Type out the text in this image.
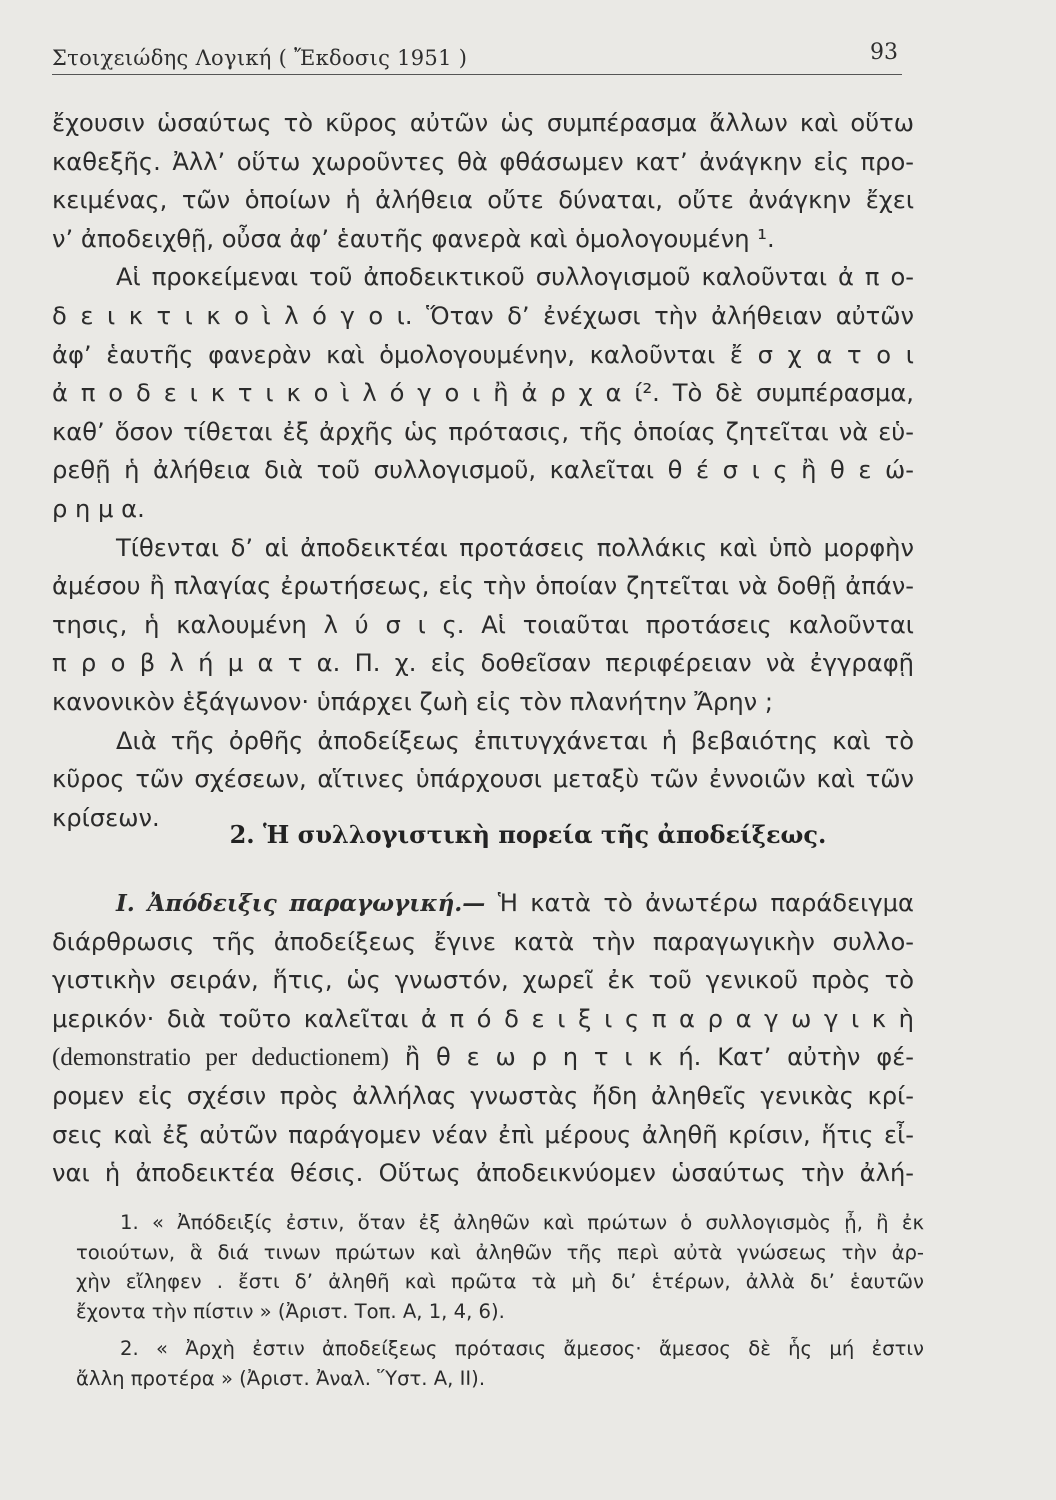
Στοιχειώδης Λογική ( Ἔκδοσις 1951 )	93
ἔχουσιν ὡσαύτως τὸ κῦρος αὐτῶν ὡς συμπέρασμα ἄλλων καὶ οὕτω
καθεξῆς. Ἀλλ’ οὕτω χωροῦντες θὰ φθάσωμεν κατ’ ἀνάγκην εἰς προ-
κειμένας, τῶν ὁποίων ἡ ἀλήθεια οὔτε δύναται, οὔτε ἀνάγκην ἔχει
ν’ ἀποδειχθῇ, οὖσα ἀφ’ ἑαυτῆς φανερὰ καὶ ὁμολογουμένη ¹.
Αἱ προκείμεναι τοῦ ἀποδεικτικοῦ συλλογισμοῦ καλοῦνται ἀ π ο-
δ ε ι κ τ ι κ ο ὶ λ ό γ ο ι. Ὅταν δ’ ἐνέχωσι τὴν ἀλήθειαν αὐτῶν
ἀφ’ ἑαυτῆς φανερὰν καὶ ὁμολογουμένην, καλοῦνται ἔ σ χ α τ ο ι
ἀ π ο δ ε ι κ τ ι κ ο ὶ λ ό γ ο ι ἢ ἀ ρ χ α ί². Τὸ δὲ συμπέρασμα,
καθ’ ὅσον τίθεται ἐξ ἀρχῆς ὡς πρότασις, τῆς ὁποίας ζητεῖται νὰ εὑ-
ρεθῇ ἡ ἀλήθεια διὰ τοῦ συλλογισμοῦ, καλεῖται θ έ σ ι ς ἢ θ ε ώ-
ρ η μ α.
Τίθενται δ’ αἱ ἀποδεικτέαι προτάσεις πολλάκις καὶ ὑπὸ μορφὴν
ἀμέσου ἢ πλαγίας ἐρωτήσεως, εἰς τὴν ὁποίαν ζητεῖται νὰ δοθῇ ἀπάν-
τησις, ἡ καλουμένη λ ύ σ ι ς. Αἱ τοιαῦται προτάσεις καλοῦνται
π ρ ο β λ ή μ α τ α. Π. χ. εἰς δοθεῖσαν περιφέρειαν νὰ ἐγγραφῇ
κανονικὸν ἑξάγωνον· ὑπάρχει ζωὴ εἰς τὸν πλανήτην Ἄρην ;
Διὰ τῆς ὀρθῆς ἀποδείξεως ἐπιτυγχάνεται ἡ βεβαιότης καὶ τὸ
κῦρος τῶν σχέσεων, αἵτινες ὑπάρχουσι μεταξὺ τῶν ἐννοιῶν καὶ τῶν
κρίσεων.
2. Ἡ συλλογιστικὴ πορεία τῆς ἀποδείξεως.
I. Ἀπόδειξις παραγωγική.— Ἡ κατὰ τὸ ἀνωτέρω παράδειγμα
διάρθρωσις τῆς ἀποδείξεως ἔγινε κατὰ τὴν παραγωγικὴν συλλο-
γιστικὴν σειράν, ἥτις, ὡς γνωστόν, χωρεῖ ἐκ τοῦ γενικοῦ πρὸς τὸ
μερικόν· διὰ τοῦτο καλεῖται ἀ π ό δ ε ι ξ ι ς π α ρ α γ ω γ ι κ ὴ
(demonstratio per deductionem) ἢ θ ε ω ρ η τ ι κ ή. Κατ’ αὐτὴν φέ-
ρομεν εἰς σχέσιν πρὸς ἀλλήλας γνωστὰς ἤδη ἀληθεῖς γενικὰς κρί-
σεις καὶ ἐξ αὐτῶν παράγομεν νέαν ἐπὶ μέρους ἀληθῆ κρίσιν, ἥτις εἶ-
ναι ἡ ἀποδεικτέα θέσις. Οὕτως ἀποδεικνύομεν ὡσαύτως τὴν ἀλή-
1. « Ἀπόδειξίς ἐστιν, ὅταν ἐξ ἀληθῶν καὶ πρώτων ὁ συλλογισμὸς ᾖ, ἢ ἐκ
τοιούτων, ἃ διά τινων πρώτων καὶ ἀληθῶν τῆς περὶ αὐτὰ γνώσεως τὴν ἀρ-
χὴν εἴληφεν . ἔστι δ’ ἀληθῆ καὶ πρῶτα τὰ μὴ δι’ ἑτέρων, ἀλλὰ δι’ ἑαυτῶν
ἔχοντα τὴν πίστιν » (Ἀριστ. Τοπ. Α, 1, 4, 6).
2. « Ἀρχὴ ἐστιν ἀποδείξεως πρότασις ἄμεσος· ἄμεσος δὲ ἧς μή ἐστιν
ἄλλη προτέρα » (Ἀριστ. Ἀναλ. Ὕστ. Α, ΙΙ).
